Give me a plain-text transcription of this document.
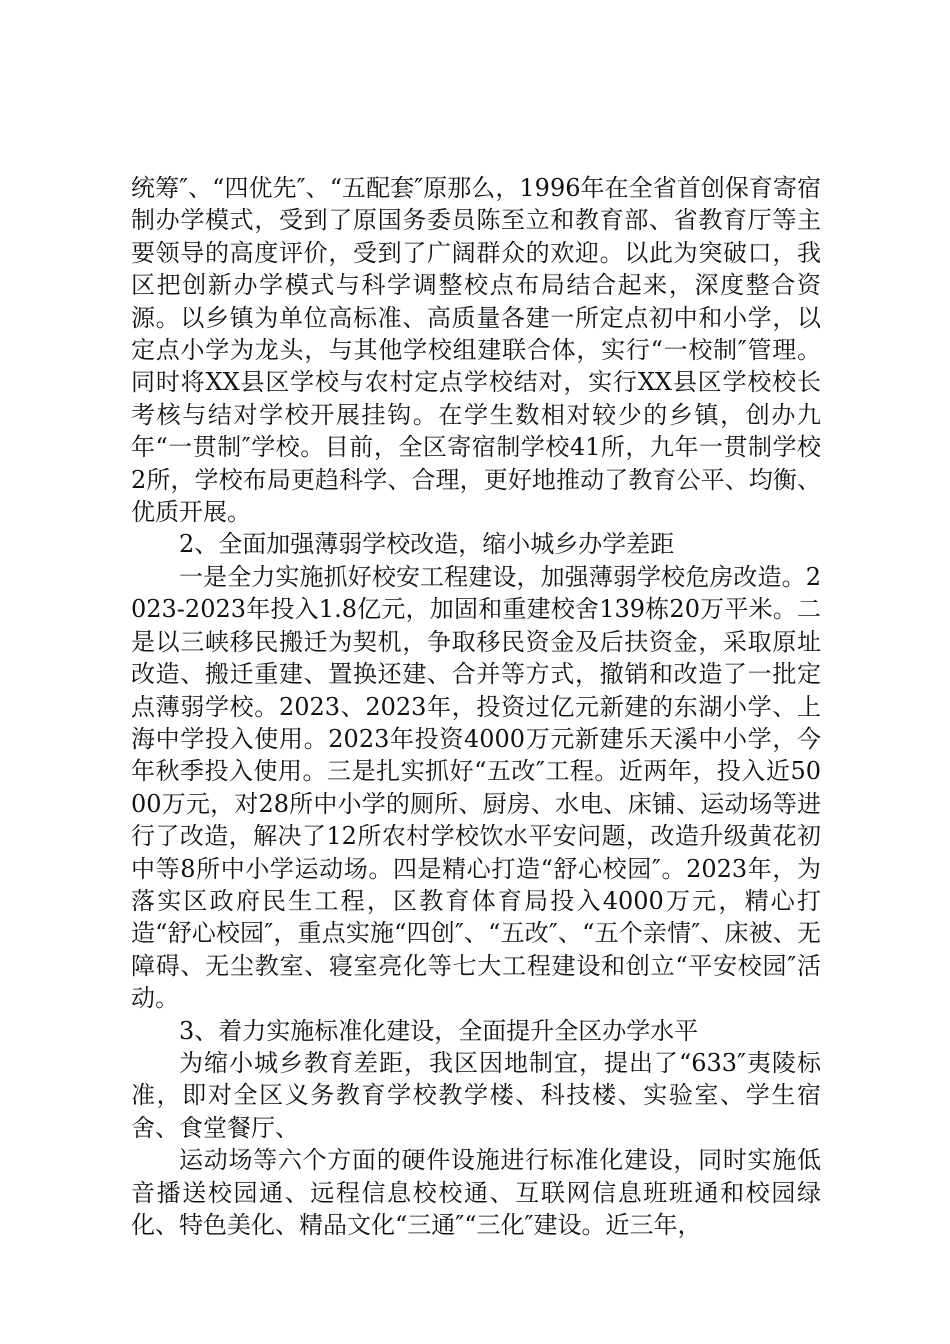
统筹″、“四优先″、“五配套″原那么，1996年在全省首创保育寄宿制办学模式，受到了原国务委员陈至立和教育部、省教育厅等主要领导的高度评价，受到了广阔群众的欢迎。以此为突破口，我区把创新办学模式与科学调整校点布局结合起来，深度整合资源。以乡镇为单位高标准、高质量各建一所定点初中和小学，以定点小学为龙头，与其他学校组建联合体，实行“一校制″管理。同时将XX县区学校与农村定点学校结对，实行XX县区学校校长考核与结对学校开展挂钩。在学生数相对较少的乡镇，创办九年“一贯制″学校。目前，全区寄宿制学校41所，九年一贯制学校2所，学校布局更趋科学、合理，更好地推动了教育公平、均衡、优质开展。

2、全面加强薄弱学校改造，缩小城乡办学差距

一是全力实施抓好校安工程建设，加强薄弱学校危房改造。2023-2023年投入1.8亿元，加固和重建校舍139栋20万平米。二是以三峡移民搬迁为契机，争取移民资金及后扶资金，采取原址改造、搬迁重建、置换还建、合并等方式，撤销和改造了一批定点薄弱学校。2023、2023年，投资过亿元新建的东湖小学、上海中学投入使用。2023年投资4000万元新建乐天溪中小学，今年秋季投入使用。三是扎实抓好“五改″工程。近两年，投入近5000万元，对28所中小学的厕所、厨房、水电、床铺、运动场等进行了改造，解决了12所农村学校饮水平安问题，改造升级黄花初中等8所中小学运动场。四是精心打造“舒心校园″。2023年，为落实区政府民生工程，区教育体育局投入4000万元，精心打造“舒心校园″，重点实施“四创″、“五改″、“五个亲情″、床被、无障碍、无尘教室、寝室亮化等七大工程建设和创立“平安校园″活动。

3、着力实施标准化建设，全面提升全区办学水平

为缩小城乡教育差距，我区因地制宜，提出了“633″夷陵标准，即对全区义务教育学校教学楼、科技楼、实验室、学生宿舍、食堂餐厅、

运动场等六个方面的硬件设施进行标准化建设，同时实施低音播送校园通、远程信息校校通、互联网信息班班通和校园绿化、特色美化、精品文化“三通″“三化″建设。近三年，
